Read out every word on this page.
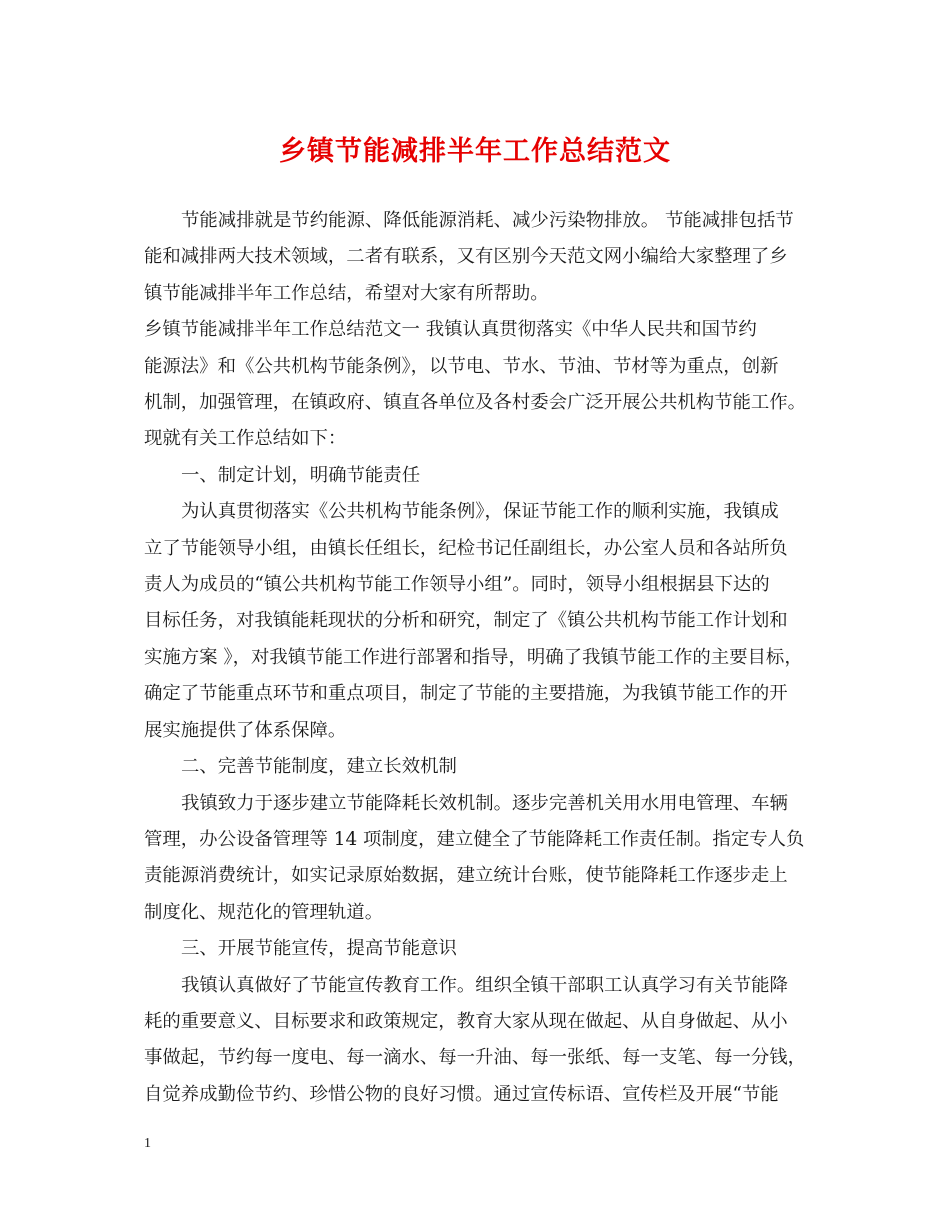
乡镇节能减排半年工作总结范文
节能减排就是节约能源、降低能源消耗、减少污染物排放。 节能减排包括节
能和减排两大技术领域，二者有联系，又有区别今天范文网小编给大家整理了乡
镇节能减排半年工作总结，希望对大家有所帮助。
乡镇节能减排半年工作总结范文一 我镇认真贯彻落实《中华人民共和国节约
能源法》和《公共机构节能条例》，以节电、节水、节油、节材等为重点，创新
机制，加强管理，在镇政府、镇直各单位及各村委会广泛开展公共机构节能工作。
现就有关工作总结如下：
一、制定计划，明确节能责任
为认真贯彻落实《公共机构节能条例》，保证节能工作的顺利实施，我镇成
立了节能领导小组，由镇长任组长，纪检书记任副组长，办公室人员和各站所负
责人为成员的“镇公共机构节能工作领导小组”。同时，领导小组根据县下达的
目标任务，对我镇能耗现状的分析和研究，制定了《镇公共机构节能工作计划和
实施方案 》，对我镇节能工作进行部署和指导，明确了我镇节能工作的主要目标，
确定了节能重点环节和重点项目，制定了节能的主要措施，为我镇节能工作的开
展实施提供了体系保障。
二、完善节能制度，建立长效机制
我镇致力于逐步建立节能降耗长效机制。逐步完善机关用水用电管理、车辆
管理，办公设备管理等 14 项制度，建立健全了节能降耗工作责任制。指定专人负
责能源消费统计，如实记录原始数据，建立统计台账，使节能降耗工作逐步走上
制度化、规范化的管理轨道。
三、开展节能宣传，提高节能意识
我镇认真做好了节能宣传教育工作。组织全镇干部职工认真学习有关节能降
耗的重要意义、目标要求和政策规定，教育大家从现在做起、从自身做起、从小
事做起，节约每一度电、每一滴水、每一升油、每一张纸、每一支笔、每一分钱，
自觉养成勤俭节约、珍惜公物的良好习惯。通过宣传标语、宣传栏及开展“节能
1
